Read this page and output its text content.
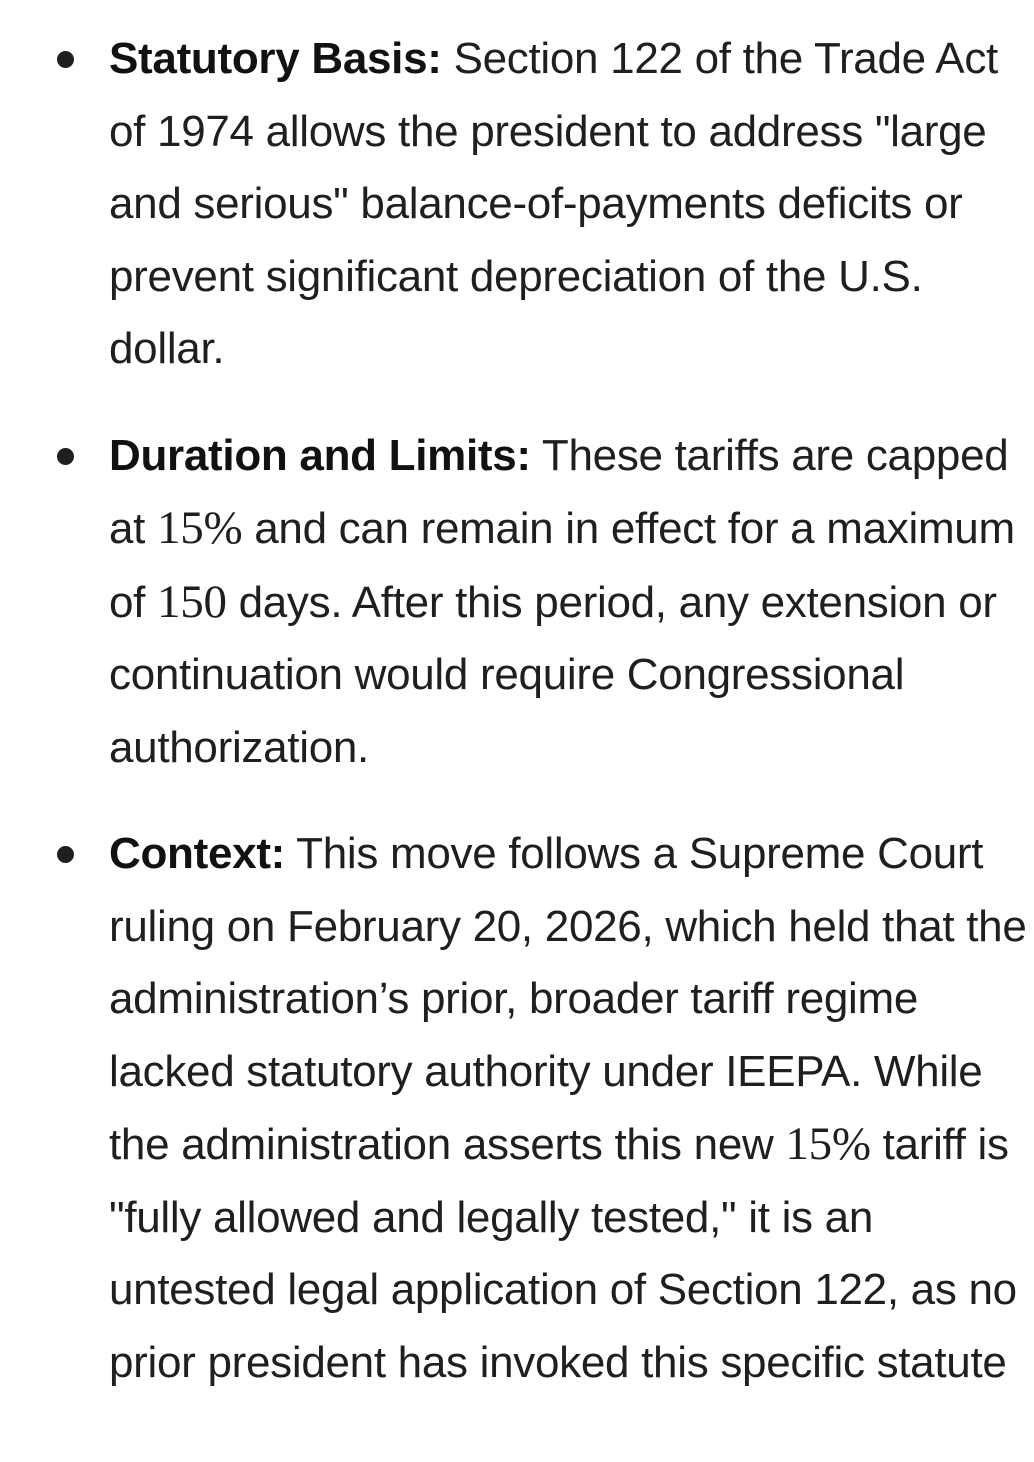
Statutory Basis: Section 122 of the Trade Act of 1974 allows the president to address "large and serious" balance-of-payments deficits or prevent significant depreciation of the U.S. dollar.
Duration and Limits: These tariffs are capped at 15% and can remain in effect for a maximum of 150 days. After this period, any extension or continuation would require Congressional authorization.
Context: This move follows a Supreme Court ruling on February 20, 2026, which held that the administration’s prior, broader tariff regime lacked statutory authority under IEEPA. While the administration asserts this new 15% tariff is "fully allowed and legally tested," it is an untested legal application of Section 122, as no prior president has invoked this specific statute
